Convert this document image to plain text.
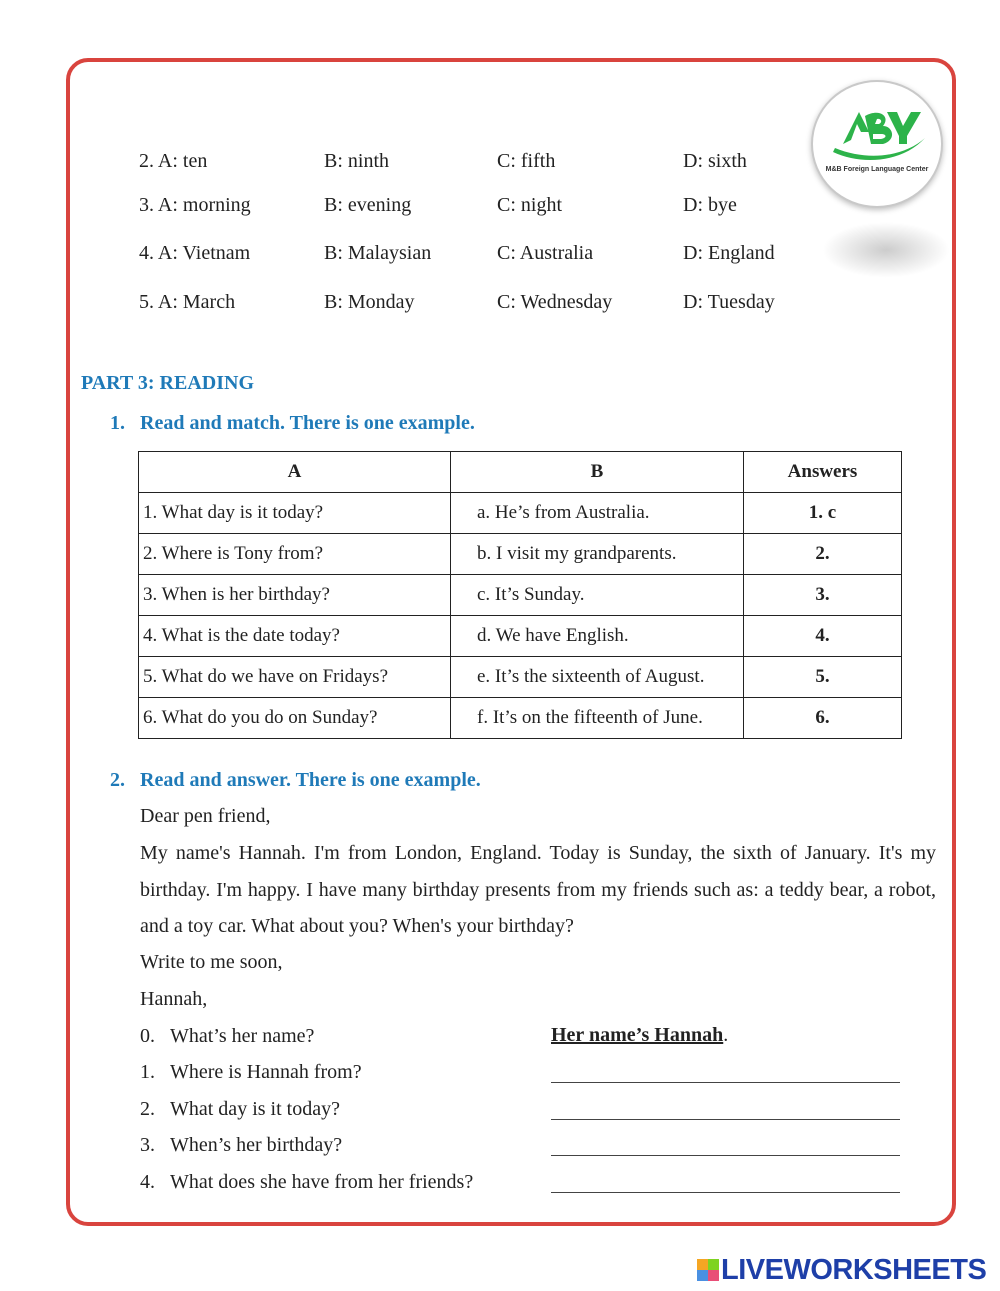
M&B Foreign Language Center
2. A: ten	B: ninth	C: fifth	D: sixth
3. A: morning	B: evening	C: night	D: bye
4. A: Vietnam	B: Malaysian	C: Australia	D: England
5. A: March	B: Monday	C: Wednesday	D: Tuesday
PART 3: READING
1.   Read and match. There is one example.
A	B	Answers
1. What day is it today?	a. He’s from Australia.	1. c
2. Where is Tony from?	b. I visit my grandparents.	2.
3. When is her birthday?	c. It’s Sunday.	3.
4. What is the date today?	d. We have English.	4.
5. What do we have on Fridays?	e. It’s the sixteenth of August.	5.
6. What do you do on Sunday?	f. It’s on the fifteenth of June.	6.
2.   Read and answer. There is one example.
Dear pen friend,
My name's Hannah. I'm from London, England. Today is Sunday, the sixth of January. It's my birthday. I'm happy. I have many birthday presents from my friends such as: a teddy bear, a robot, and a toy car. What about you? When's your birthday?
Write to me soon,
Hannah,
0. What’s her name?	Her name’s Hannah.
1. Where is Hannah from?
2. What day is it today?
3. When’s her birthday?
4. What does she have from her friends?
LIVEWORKSHEETS
